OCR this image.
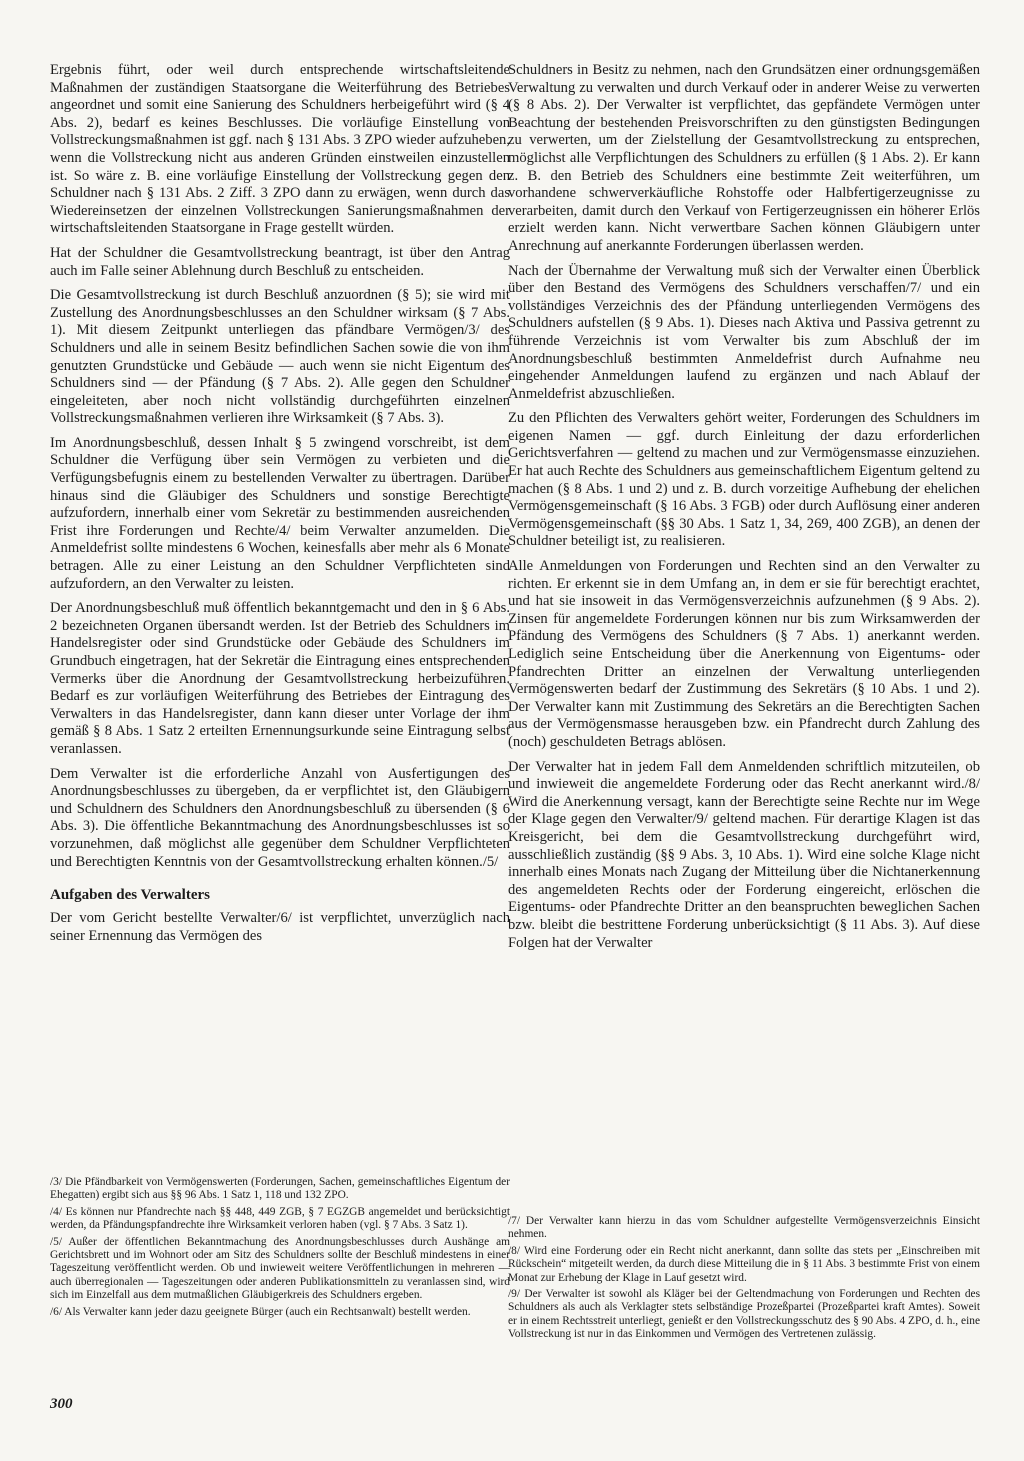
Ergebnis führt, oder weil durch entsprechende wirtschaftsleitende Maßnahmen der zuständigen Staatsorgane die Weiterführung des Betriebes angeordnet und somit eine Sanierung des Schuldners herbeigeführt wird (§ 4 Abs. 2), bedarf es keines Beschlusses. Die vorläufige Einstellung von Vollstreckungsmaßnahmen ist ggf. nach § 131 Abs. 3 ZPO wieder aufzuheben, wenn die Vollstreckung nicht aus anderen Gründen einstweilen einzustellen ist. So wäre z. B. eine vorläufige Einstellung der Vollstreckung gegen den Schuldner nach § 131 Abs. 2 Ziff. 3 ZPO dann zu erwägen, wenn durch das Wiedereinsetzen der einzelnen Vollstreckungen Sanierungsmaßnahmen der wirtschaftsleitenden Staatsorgane in Frage gestellt würden.

Hat der Schuldner die Gesamtvollstreckung beantragt, ist über den Antrag auch im Falle seiner Ablehnung durch Beschluß zu entscheiden.

Die Gesamtvollstreckung ist durch Beschluß anzuordnen (§ 5); sie wird mit Zustellung des Anordnungsbeschlusses an den Schuldner wirksam (§ 7 Abs. 1). Mit diesem Zeitpunkt unterliegen das pfändbare Vermögen/3/ des Schuldners und alle in seinem Besitz befindlichen Sachen sowie die von ihm genutzten Grundstücke und Gebäude — auch wenn sie nicht Eigentum des Schuldners sind — der Pfändung (§ 7 Abs. 2). Alle gegen den Schuldner eingeleiteten, aber noch nicht vollständig durchgeführten einzelnen Vollstreckungsmaßnahmen verlieren ihre Wirksamkeit (§ 7 Abs. 3).

Im Anordnungsbeschluß, dessen Inhalt § 5 zwingend vorschreibt, ist dem Schuldner die Verfügung über sein Vermögen zu verbieten und die Verfügungsbefugnis einem zu bestellenden Verwalter zu übertragen. Darüber hinaus sind die Gläubiger des Schuldners und sonstige Berechtigte aufzufordern, innerhalb einer vom Sekretär zu bestimmenden ausreichenden Frist ihre Forderungen und Rechte/4/ beim Verwalter anzumelden. Die Anmeldefrist sollte mindestens 6 Wochen, keinesfalls aber mehr als 6 Monate betragen. Alle zu einer Leistung an den Schuldner Verpflichteten sind aufzufordern, an den Verwalter zu leisten.

Der Anordnungsbeschluß muß öffentlich bekanntgemacht und den in § 6 Abs. 2 bezeichneten Organen übersandt werden. Ist der Betrieb des Schuldners im Handelsregister oder sind Grundstücke oder Gebäude des Schuldners im Grundbuch eingetragen, hat der Sekretär die Eintragung eines entsprechenden Vermerks über die Anordnung der Gesamtvollstreckung herbeizuführen. Bedarf es zur vorläufigen Weiterführung des Betriebes der Eintragung des Verwalters in das Handelsregister, dann kann dieser unter Vorlage der ihm gemäß § 8 Abs. 1 Satz 2 erteilten Ernennungsurkunde seine Eintragung selbst veranlassen.

Dem Verwalter ist die erforderliche Anzahl von Ausfertigungen des Anordnungsbeschlusses zu übergeben, da er verpflichtet ist, den Gläubigern und Schuldnern des Schuldners den Anordnungsbeschluß zu übersenden (§ 6 Abs. 3). Die öffentliche Bekanntmachung des Anordnungsbeschlusses ist so vorzunehmen, daß möglichst alle gegenüber dem Schuldner Verpflichteten und Berechtigten Kenntnis von der Gesamtvollstreckung erhalten können./5/

Aufgaben des Verwalters

Der vom Gericht bestellte Verwalter/6/ ist verpflichtet, unverzüglich nach seiner Ernennung das Vermögen des

/3/ Die Pfändbarkeit von Vermögenswerten (Forderungen, Sachen, gemeinschaftliches Eigentum der Ehegatten) ergibt sich aus §§ 96 Abs. 1 Satz 1, 118 und 132 ZPO.

/4/ Es können nur Pfandrechte nach §§ 448, 449 ZGB, § 7 EGZGB angemeldet und berücksichtigt werden, da Pfändungspfandrechte ihre Wirksamkeit verloren haben (vgl. § 7 Abs. 3 Satz 1).

/5/ Außer der öffentlichen Bekanntmachung des Anordnungsbeschlusses durch Aushänge am Gerichtsbrett und im Wohnort oder am Sitz des Schuldners sollte der Beschluß mindestens in einer Tageszeitung veröffentlicht werden. Ob und inwieweit weitere Veröffentlichungen in mehreren — auch überregionalen — Tageszeitungen oder anderen Publikationsmitteln zu veranlassen sind, wird sich im Einzelfall aus dem mutmaßlichen Gläubigerkreis des Schuldners ergeben.

/6/ Als Verwalter kann jeder dazu geeignete Bürger (auch ein Rechtsanwalt) bestellt werden.

Schuldners in Besitz zu nehmen, nach den Grundsätzen einer ordnungsgemäßen Verwaltung zu verwalten und durch Verkauf oder in anderer Weise zu verwerten (§ 8 Abs. 2). Der Verwalter ist verpflichtet, das gepfändete Vermögen unter Beachtung der bestehenden Preisvorschriften zu den günstigsten Bedingungen zu verwerten, um der Zielstellung der Gesamtvollstreckung zu entsprechen, möglichst alle Verpflichtungen des Schuldners zu erfüllen (§ 1 Abs. 2). Er kann z. B. den Betrieb des Schuldners eine bestimmte Zeit weiterführen, um vorhandene schwerverkäufliche Rohstoffe oder Halbfertigerzeugnisse zu verarbeiten, damit durch den Verkauf von Fertigerzeugnissen ein höherer Erlös erzielt werden kann. Nicht verwertbare Sachen können Gläubigern unter Anrechnung auf anerkannte Forderungen überlassen werden.

Nach der Übernahme der Verwaltung muß sich der Verwalter einen Überblick über den Bestand des Vermögens des Schuldners verschaffen/7/ und ein vollständiges Verzeichnis des der Pfändung unterliegenden Vermögens des Schuldners aufstellen (§ 9 Abs. 1). Dieses nach Aktiva und Passiva getrennt zu führende Verzeichnis ist vom Verwalter bis zum Abschluß der im Anordnungsbeschluß bestimmten Anmeldefrist durch Aufnahme neu eingehender Anmeldungen laufend zu ergänzen und nach Ablauf der Anmeldefrist abzuschließen.

Zu den Pflichten des Verwalters gehört weiter, Forderungen des Schuldners im eigenen Namen — ggf. durch Einleitung der dazu erforderlichen Gerichtsverfahren — geltend zu machen und zur Vermögensmasse einzuziehen. Er hat auch Rechte des Schuldners aus gemeinschaftlichem Eigentum geltend zu machen (§ 8 Abs. 1 und 2) und z. B. durch vorzeitige Aufhebung der ehelichen Vermögensgemeinschaft (§ 16 Abs. 3 FGB) oder durch Auflösung einer anderen Vermögensgemeinschaft (§§ 30 Abs. 1 Satz 1, 34, 269, 400 ZGB), an denen der Schuldner beteiligt ist, zu realisieren.

Alle Anmeldungen von Forderungen und Rechten sind an den Verwalter zu richten. Er erkennt sie in dem Umfang an, in dem er sie für berechtigt erachtet, und hat sie insoweit in das Vermögensverzeichnis aufzunehmen (§ 9 Abs. 2). Zinsen für angemeldete Forderungen können nur bis zum Wirksamwerden der Pfändung des Vermögens des Schuldners (§ 7 Abs. 1) anerkannt werden. Lediglich seine Entscheidung über die Anerkennung von Eigentums- oder Pfandrechten Dritter an einzelnen der Verwaltung unterliegenden Vermögenswerten bedarf der Zustimmung des Sekretärs (§ 10 Abs. 1 und 2). Der Verwalter kann mit Zustimmung des Sekretärs an die Berechtigten Sachen aus der Vermögensmasse herausgeben bzw. ein Pfandrecht durch Zahlung des (noch) geschuldeten Betrags ablösen.

Der Verwalter hat in jedem Fall dem Anmeldenden schriftlich mitzuteilen, ob und inwieweit die angemeldete Forderung oder das Recht anerkannt wird./8/ Wird die Anerkennung versagt, kann der Berechtigte seine Rechte nur im Wege der Klage gegen den Verwalter/9/ geltend machen. Für derartige Klagen ist das Kreisgericht, bei dem die Gesamtvollstreckung durchgeführt wird, ausschließlich zuständig (§§ 9 Abs. 3, 10 Abs. 1). Wird eine solche Klage nicht innerhalb eines Monats nach Zugang der Mitteilung über die Nichtanerkennung des angemeldeten Rechts oder der Forderung eingereicht, erlöschen die Eigentums- oder Pfandrechte Dritter an den beanspruchten beweglichen Sachen bzw. bleibt die bestrittene Forderung unberücksichtigt (§ 11 Abs. 3). Auf diese Folgen hat der Verwalter

/7/ Der Verwalter kann hierzu in das vom Schuldner aufgestellte Vermögensverzeichnis Einsicht nehmen.

/8/ Wird eine Forderung oder ein Recht nicht anerkannt, dann sollte das stets per „Einschreiben mit Rückschein“ mitgeteilt werden, da durch diese Mitteilung die in § 11 Abs. 3 bestimmte Frist von einem Monat zur Erhebung der Klage in Lauf gesetzt wird.

/9/ Der Verwalter ist sowohl als Kläger bei der Geltendmachung von Forderungen und Rechten des Schuldners als auch als Verklagter stets selbständige Prozeßpartei (Prozeßpartei kraft Amtes). Soweit er in einem Rechtsstreit unterliegt, genießt er den Vollstreckungsschutz des § 90 Abs. 4 ZPO, d. h., eine Vollstreckung ist nur in das Einkommen und Vermögen des Vertretenen zulässig.

300
